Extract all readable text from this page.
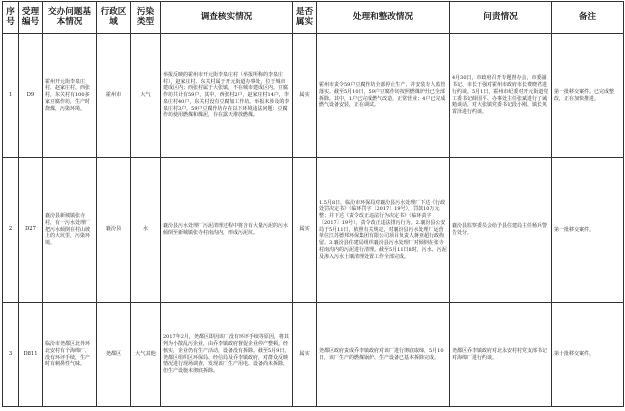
序号	受理编号	交办问题基本情况	行政区域	污染类型	调查核实情况	是否属实	处理和整改情况	问责情况	备注
1	D9	霍州开元街李泉庄村，赵家庄村、西张村，东关村有100多家豆腐作坊，生产时烧煤，污染环境。	霍州市	大气	举报反映的霍州市开元街李泉庄村（举报所称的李泉庄村），赵家庄村、东关村属于开元街道办事处，位于城市建成区内；西张村属于大张镇，不在城市建成区内。豆腐作坊共计有59户，其中，西张村2户，赵家庄村14户，李泉庄村40户，东关村没有豆腐加工作坊。举报未涉及的李泉庄村3户。59户豆腐作坊存在以下环境违法问题：豆腐作坊使用燃煤和煤泥，存在露天堆放燃煤。	属实	霍州市责令59户豆腐作坊全部停止生产，并安装专人监管落实。截至5月10日，59户豆腐作坊按照燃煤炉灶已全部拆除。其中，1户已完成燃气改造，正常营业；4户已完成燃气设备安装，正在调试。	4月30日，市政府召开专题督办会，市委副书记、市长于强对霍州市政府市长费晓君进行约谈。5月1日，霍州市纪委对开元街道党工委书记薛国平、办事处主任张斌进行了诫勉谈话，对大张镇党委书记段小刚、镇长英霄泽进行约谈。	第一批移交案件。已完成整改，正在加快推进。
2	D27	襄汾县新城镇张寺村，有一污水处理厂把污水倾倒在村山坡上的大坑里，污染环境。	襄汾县	水	襄汾县污水处理厂污泥清理过程中将含有大量污泥的污水倾倒至新城镇张寺村南沟内，形成污泥坑。	属实	1.5月8日，临汾市环保局对襄汾县污水处理厂下达《行政处罚决定书》（临环罚字〔2017〕19号），罚款10万元整；并下达《责令改正违法行为决定书》（临环责字〔2017〕19号），责令改正违法排污行为。2.襄汾县公安局于5月11日，依照有关规定，对襄汾县污水处理厂运营单位江苏德邦环保集团有限公司项目负责人蒋亚超行政拘留。3.襄汾县住建局组织襄汾县污水处理厂对倾倒在张寺村南沟内的污泥进行清理。截至5月11日8时，污水、污泥及渗入污水土壤清理处置工作全部完成。	襄汾县监察委员会给予县住建局主任杨兵警告处分。	第一批移交案件。
3	D811	临汾市尧都区北外环北安村有个海绵厂，没有环评手续，生产时有刺鼻性气味。	尧都区	大气其他	2017年2月，尧都区即因该厂没有环评手续等原因，将其列为小散乱污企业，由乔李镇政府督促企业停产整顿。经核实，企业仍有生产活动，设备没有拆除。截至5月9日，尧都区组织区环保局、经信局及乔李镇政府，对群众反映情况进行现场调查，发现该厂生产用电、设备尚未拆除，但生产设施未彻底拆除。	属实	尧都区政府责成乔李镇政府对该厂进行彻底取缔，5月10日，该厂生产的燃煤锅炉、生产设备已基本拆除完成。	尧都区乔李镇政府对北永安村村党支部书记对海绵厂进行约谈。	第十批移交案件。
